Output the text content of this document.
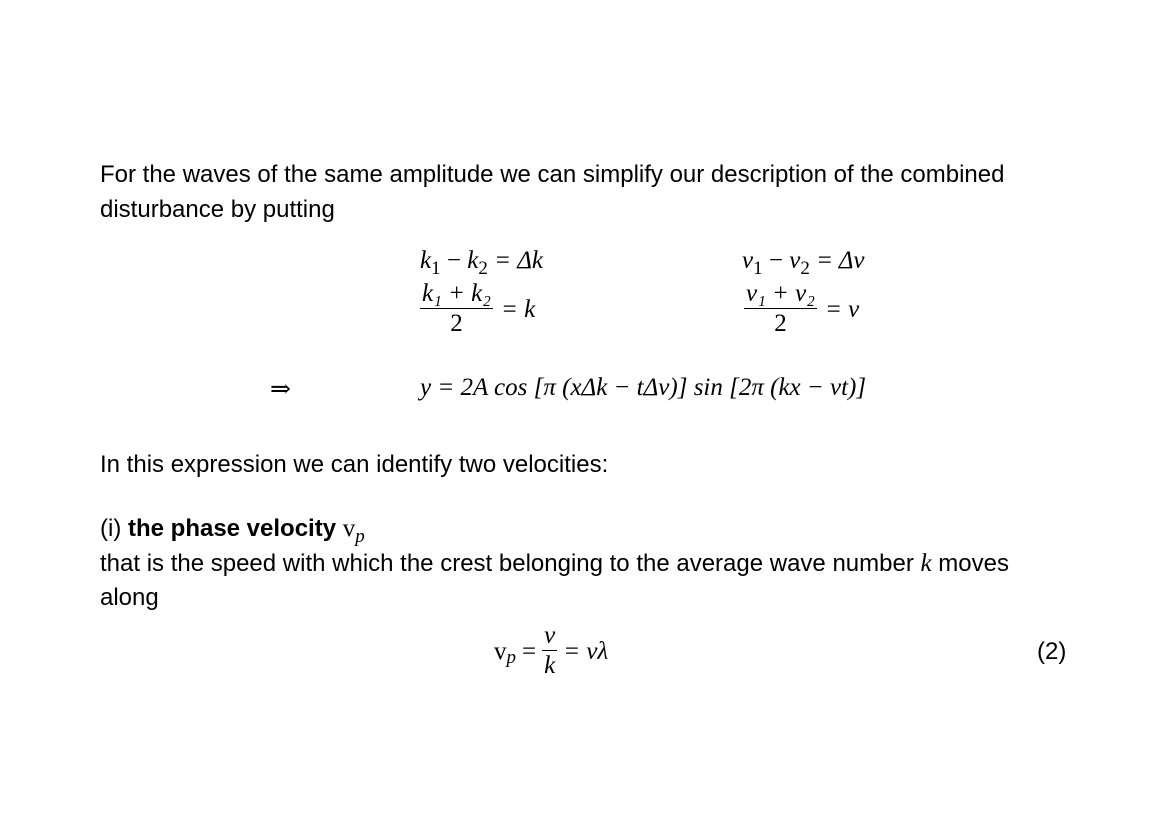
For the waves of the same amplitude we can simplify our description of the combined
disturbance by putting
$k_1 - k_2 = \Delta k$	$\nu_1 - \nu_2 = \Delta\nu$
$\frac{\text{k₁ + k₂}}{2} = k$	$\frac{\text{ν₁ + ν₂}}{2} = \nu$
⇒	y = 2A cos [π (xΔk − tΔν)] sin [2π (kx − νt)]
In this expression we can identify two velocities:
(i) the phase velocity $v_p$
that is the speed with which the crest belonging to the average wave number k moves
along
v $p = \frac{\nu}{k} = \nu\lambda$	(2)
